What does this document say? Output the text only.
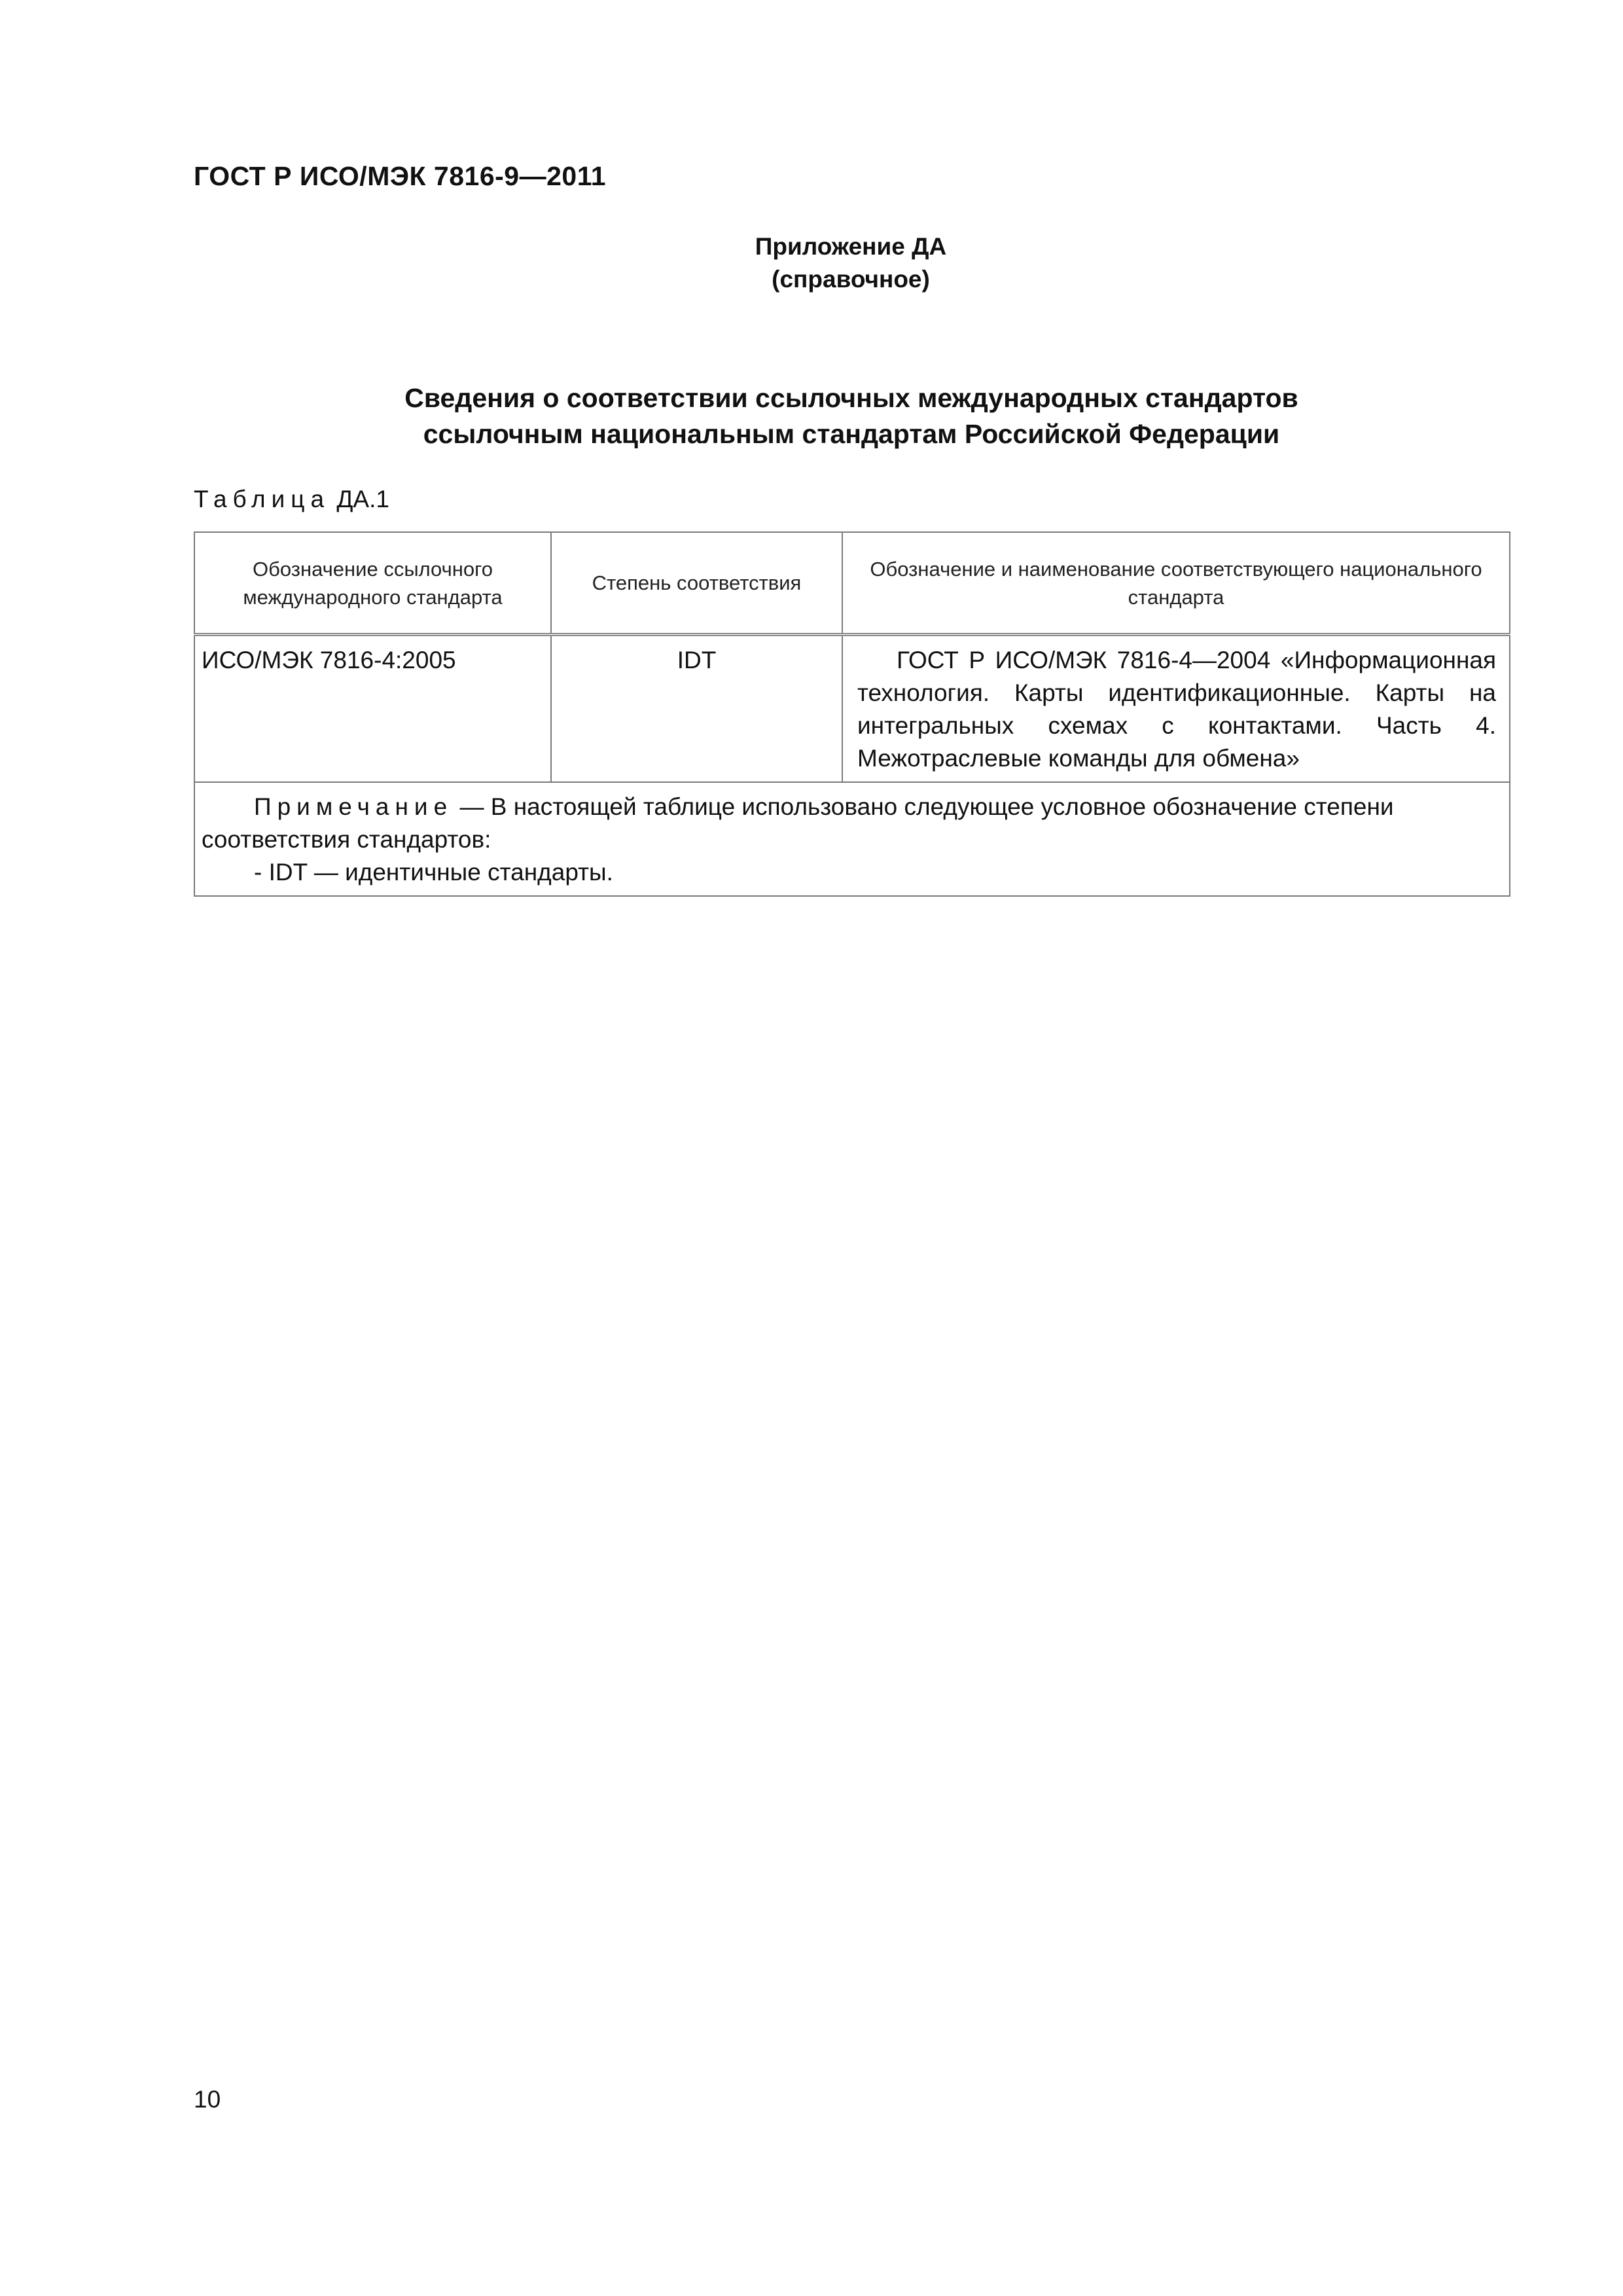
ГОСТ Р ИСО/МЭК 7816-9—2011
Приложение ДА
(справочное)
Сведения о соответствии ссылочных международных стандартов
ссылочным национальным стандартам Российской Федерации
Таблица ДА.1
Обозначение ссылочного международного стандарта	Степень соответствия	Обозначение и наименование соответствующего национального стандарта
ИСО/МЭК 7816-4:2005	IDT	ГОСТ Р ИСО/МЭК 7816-4—2004 «Информационная технология. Карты идентификационные. Карты на интегральных схемах с контактами. Часть 4. Межотраслевые команды для обмена»

Примечание — В настоящей таблице использовано следующее условное обозначение степени соответствия стандартов:
- IDT — идентичные стандарты.		
10
